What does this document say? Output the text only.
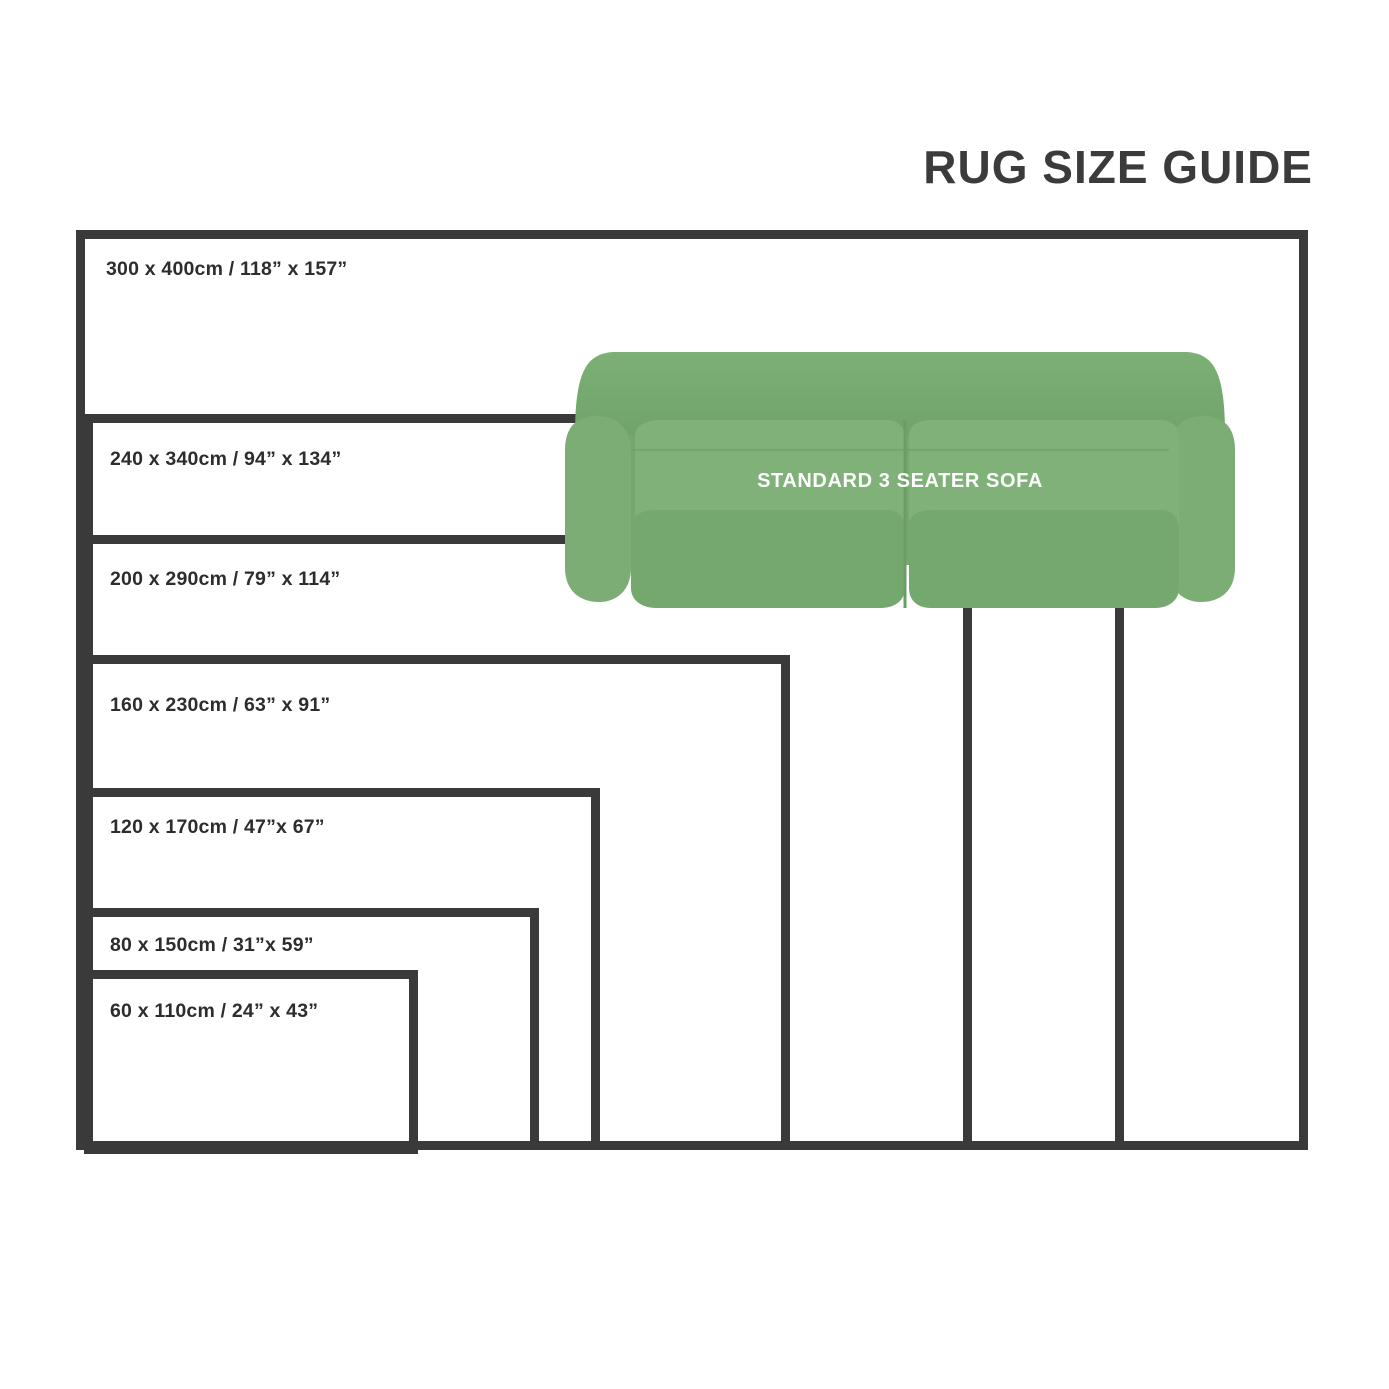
RUG SIZE GUIDE
300 x 400cm / 118” x 157”
240 x 340cm / 94” x 134”
200 x 290cm / 79” x 114”
160 x 230cm / 63” x 91”
120 x 170cm / 47”x 67”
80 x 150cm / 31”x 59”
60 x 110cm / 24” x 43”
STANDARD 3 SEATER SOFA
